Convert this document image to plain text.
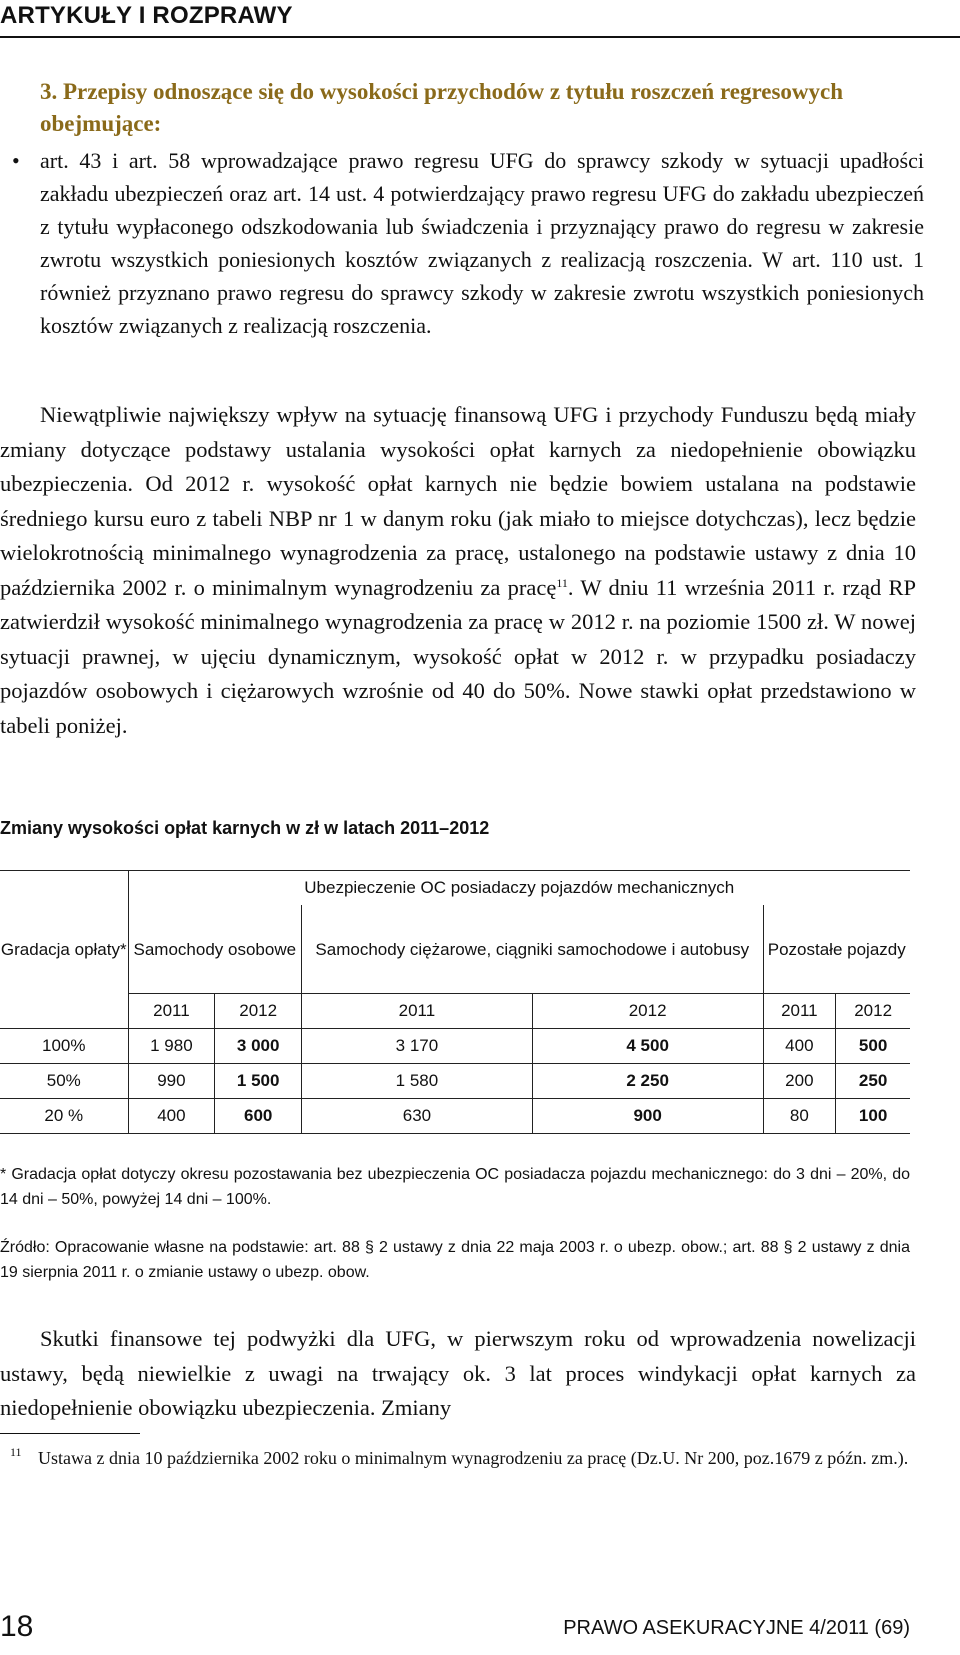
ARTYKUŁY I ROZPRAWY
3. Przepisy odnoszące się do wysokości przychodów z tytułu roszczeń regresowych obejmujące:
• art. 43 i art. 58 wprowadzające prawo regresu UFG do sprawcy szkody w sytuacji upadłości zakładu ubezpieczeń oraz art. 14 ust. 4 potwierdzający prawo regresu UFG do zakładu ubezpieczeń z tytułu wypłaconego odszkodowania lub świadczenia i przyznający prawo do regresu w zakresie zwrotu wszystkich poniesionych kosztów związanych z realizacją roszczenia. W art. 110 ust. 1 również przyznano prawo regresu do sprawcy szkody w zakresie zwrotu wszystkich poniesionych kosztów związanych z realizacją roszczenia.
Niewątpliwie największy wpływ na sytuację finansową UFG i przychody Funduszu będą miały zmiany dotyczące podstawy ustalania wysokości opłat karnych za niedopełnienie obowiązku ubezpieczenia. Od 2012 r. wysokość opłat karnych nie będzie bowiem ustalana na podstawie średniego kursu euro z tabeli NBP nr 1 w danym roku (jak miało to miejsce dotychczas), lecz będzie wielokrotnością minimalnego wynagrodzenia za pracę, ustalonego na podstawie ustawy z dnia 10 października 2002 r. o minimalnym wynagrodzeniu za pracę$^{11}$. W dniu 11 września 2011 r. rząd RP zatwierdził wysokość minimalnego wynagrodzenia za pracę w 2012 r. na poziomie 1500 zł. W nowej sytuacji prawnej, w ujęciu dynamicznym, wysokość opłat w 2012 r. w przypadku posiadaczy pojazdów osobowych i ciężarowych wzrośnie od 40 do 50%. Nowe stawki opłat przedstawiono w tabeli poniżej.
Zmiany wysokości opłat karnych w zł w latach 2011–2012
Gradacja opłaty*	Ubezpieczenie OC posiadaczy pojazdów mechanicznych					
	Samochody osobowe		Samochody ciężarowe, ciągniki samochodowe i autobusy		Pozostałe pojazdy	
	2011	2012	2011	2012	2011	2012
100%	1 980	3 000	3 170	4 500	400	500
50%	990	1 500	1 580	2 250	200	250
20 %	400	600	630	900	80	100
* Gradacja opłat dotyczy okresu pozostawania bez ubezpieczenia OC posiadacza pojazdu mechanicznego: do 3 dni – 20%, do 14 dni – 50%, powyżej 14 dni – 100%.
Źródło: Opracowanie własne na podstawie: art. 88 § 2 ustawy z dnia 22 maja 2003 r. o ubezp. obow.; art. 88 § 2 ustawy z dnia 19 sierpnia 2011 r. o zmianie ustawy o ubezp. obow.
Skutki finansowe tej podwyżki dla UFG, w pierwszym roku od wprowadzenia nowelizacji ustawy, będą niewielkie z uwagi na trwający ok. 3 lat proces windykacji opłat karnych za niedopełnienie obowiązku ubezpieczenia. Zmiany
11 Ustawa z dnia 10 października 2002 roku o minimalnym wynagrodzeniu za pracę (Dz.U. Nr 200, poz.1679 z późn. zm.).
18	PRAWO ASEKURACYJNE 4/2011 (69)
